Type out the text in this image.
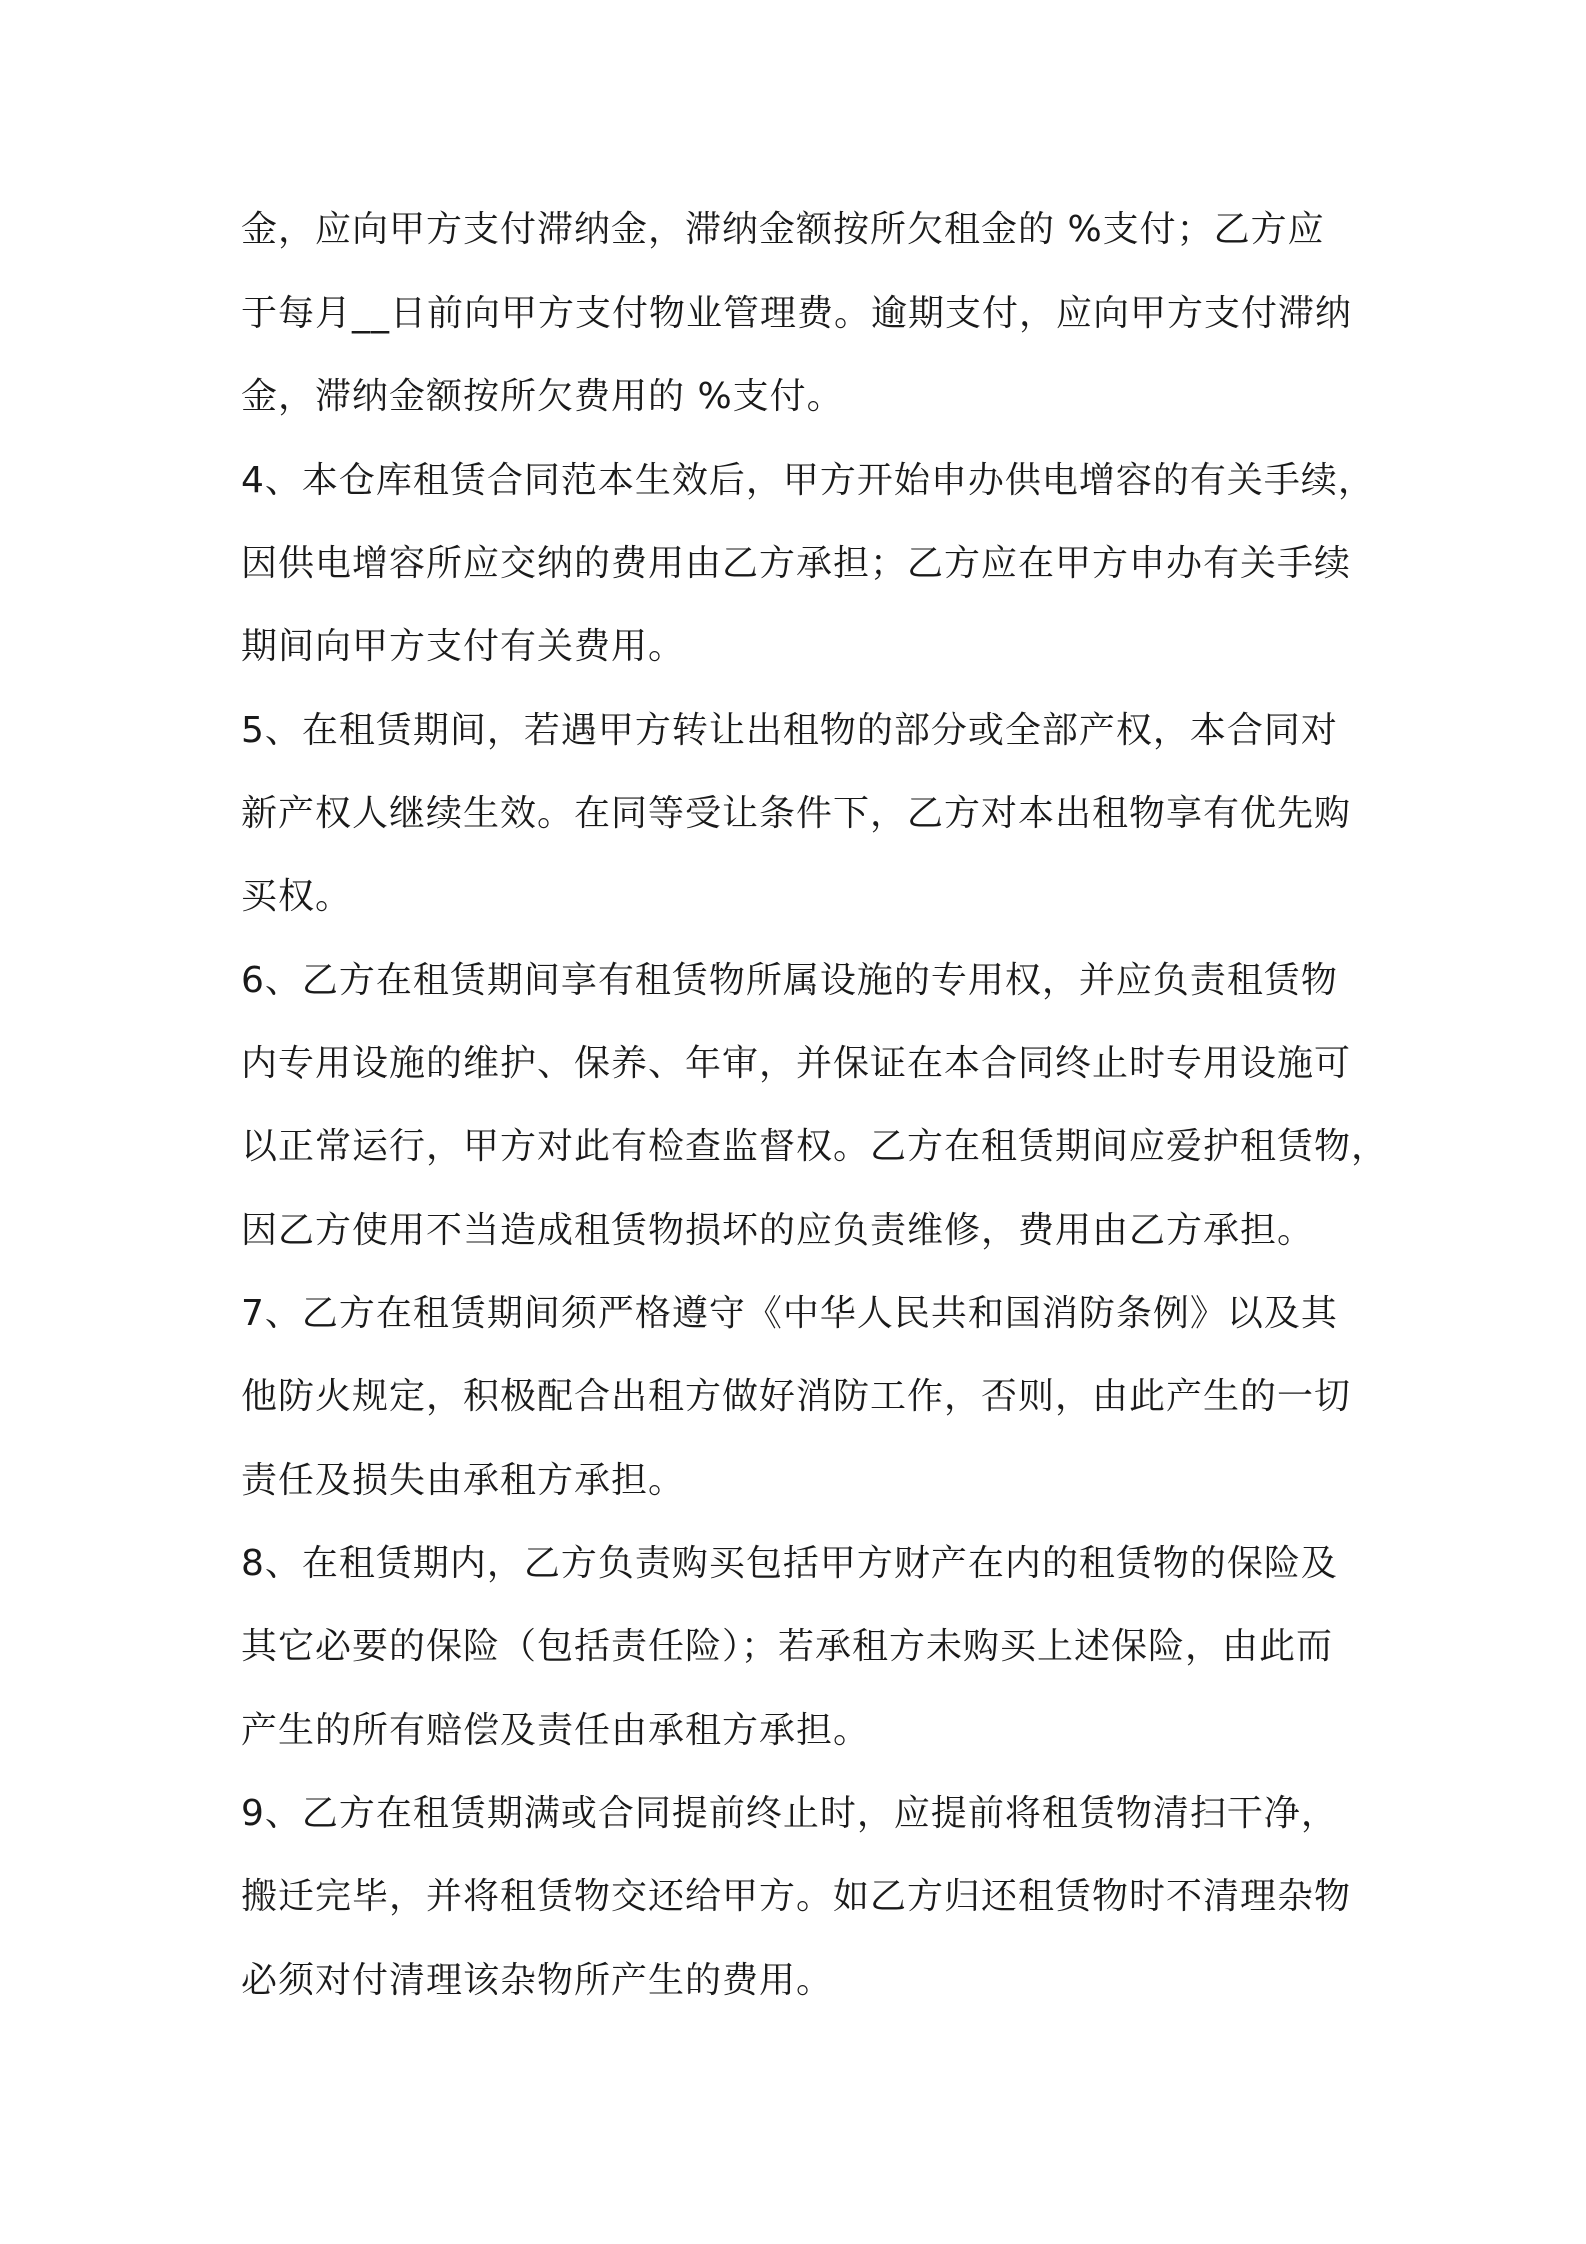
金，应向甲方支付滞纳金，滞纳金额按所欠租金的 %支付；乙方应
于每月__日前向甲方支付物业管理费。逾期支付，应向甲方支付滞纳
金，滞纳金额按所欠费用的 %支付。
4、本仓库租赁合同范本生效后，甲方开始申办供电增容的有关手续，
因供电增容所应交纳的费用由乙方承担；乙方应在甲方申办有关手续
期间向甲方支付有关费用。
5、在租赁期间，若遇甲方转让出租物的部分或全部产权，本合同对
新产权人继续生效。在同等受让条件下，乙方对本出租物享有优先购
买权。
6、乙方在租赁期间享有租赁物所属设施的专用权，并应负责租赁物
内专用设施的维护、保养、年审，并保证在本合同终止时专用设施可
以正常运行，甲方对此有检查监督权。乙方在租赁期间应爱护租赁物，
因乙方使用不当造成租赁物损坏的应负责维修，费用由乙方承担。
7、乙方在租赁期间须严格遵守《中华人民共和国消防条例》以及其
他防火规定，积极配合出租方做好消防工作，否则，由此产生的一切
责任及损失由承租方承担。
8、在租赁期内，乙方负责购买包括甲方财产在内的租赁物的保险及
其它必要的保险（包括责任险）；若承租方未购买上述保险，由此而
产生的所有赔偿及责任由承租方承担。
9、乙方在租赁期满或合同提前终止时，应提前将租赁物清扫干净，
搬迁完毕，并将租赁物交还给甲方。如乙方归还租赁物时不清理杂物
必须对付清理该杂物所产生的费用。
